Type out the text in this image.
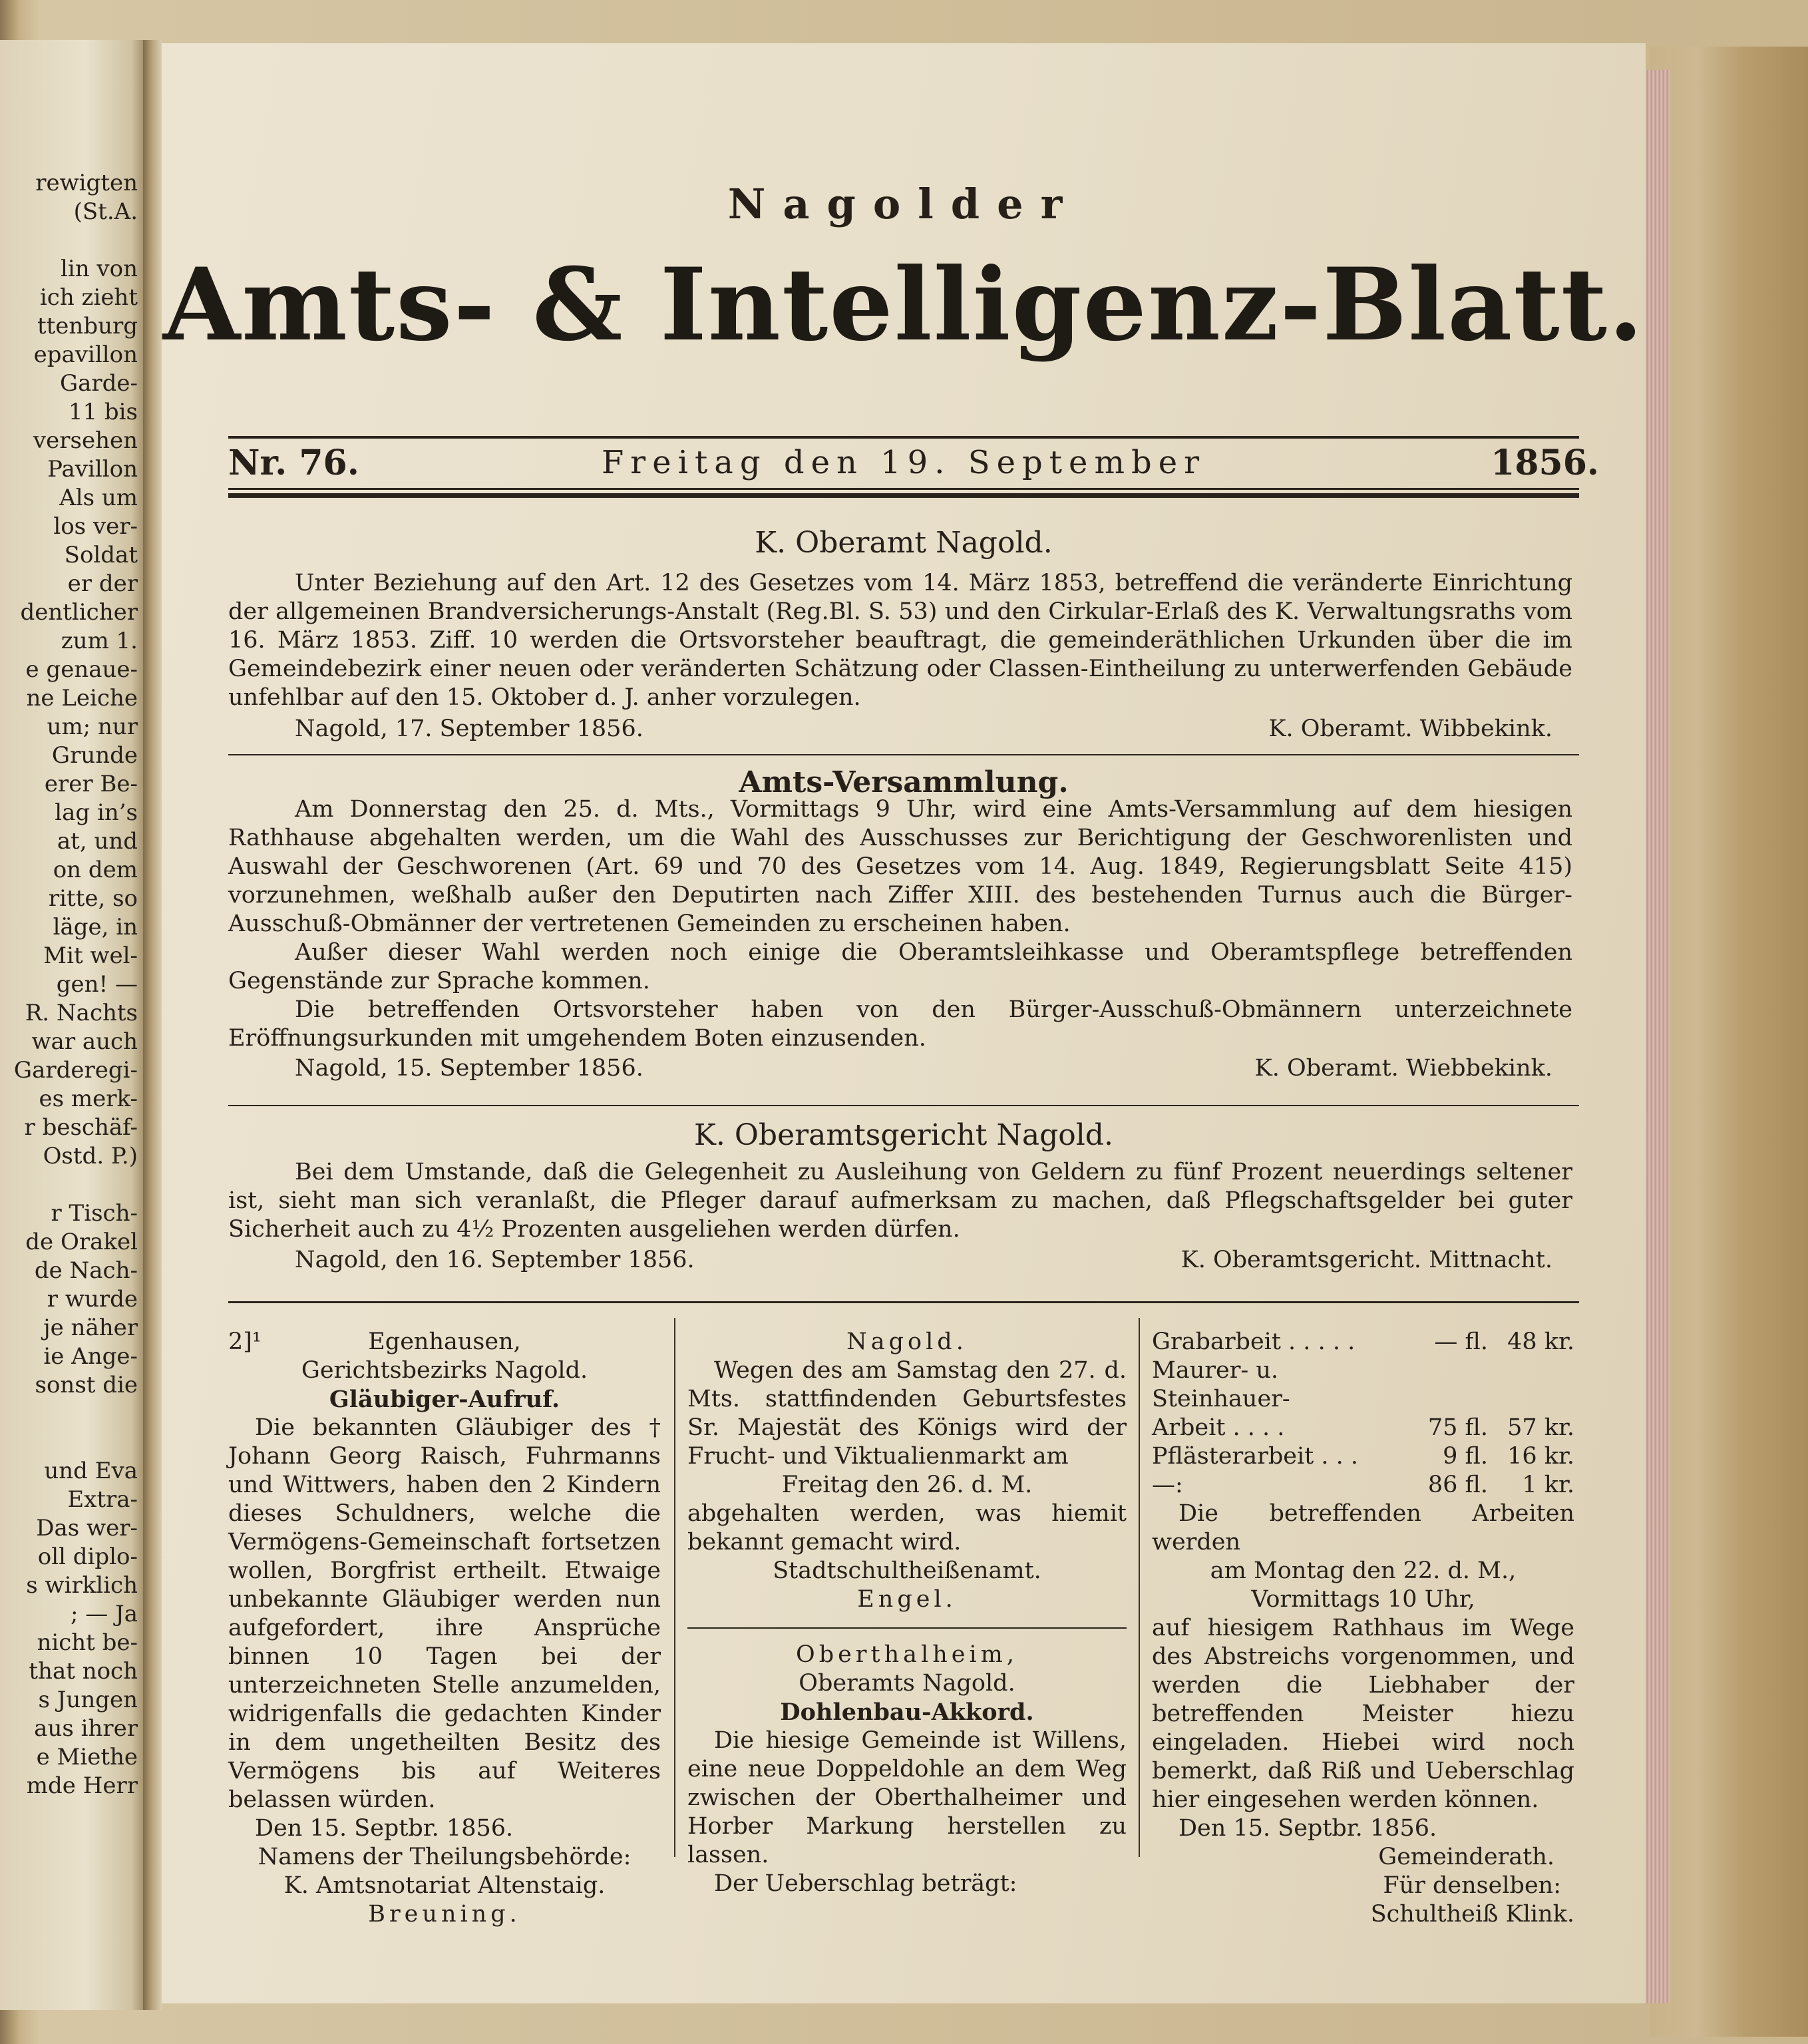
rewigten
(St.A.
lin von
ich zieht
ttenburg
epavillon
Garde-
11 bis
versehen
Pavillon
Als um
los ver-
Soldat
er der
dentlicher
zum 1.
e genaue-
ne Leiche
um; nur
Grunde
erer Be-
lag in’s
at, und
on dem
ritte, so
läge, in
Mit wel-
gen! —
R. Nachts
war auch
Garderegi-
es merk-
r beschäf-
Ostd. P.)
r Tisch-
de Orakel
de Nach-
r wurde
je näher
ie Ange-
sonst die
und Eva
Extra-
Das wer-
oll diplo-
s wirklich
; — Ja
nicht be-
that noch
s Jungen
aus ihrer
e Miethe
mde Herr
Nagolder
Amts- & Intelligenz-Blatt.
Nr. 76.	Freitag den 19. September	1856.
K. Oberamt Nagold.

Unter Beziehung auf den Art. 12 des Gesetzes vom 14. März 1853, betreffend die veränderte Einrichtung der allgemeinen Brandversicherungs-Anstalt (Reg.Bl. S. 53) und den Cirkular-Erlaß des K. Verwaltungsraths vom 16. März 1853. Ziff. 10 werden die Ortsvorsteher beauftragt, die gemeinderäthlichen Urkunden über die im Gemeindebezirk einer neuen oder veränderten Schätzung oder Classen-Eintheilung zu unterwerfenden Gebäude unfehlbar auf den 15. Oktober d. J. anher vorzulegen.

Nagold, 17. September 1856.	K. Oberamt. Wibbekink.
Amts-Versammlung.

Am Donnerstag den 25. d. Mts., Vormittags 9 Uhr, wird eine Amts-Versammlung auf dem hiesigen Rathhause abgehalten werden, um die Wahl des Ausschusses zur Berichtigung der Geschworenlisten und Auswahl der Geschworenen (Art. 69 und 70 des Gesetzes vom 14. Aug. 1849, Regierungsblatt Seite 415) vorzunehmen, weßhalb außer den Deputirten nach Ziffer XIII. des bestehenden Turnus auch die Bürger-Ausschuß-Obmänner der vertretenen Gemeinden zu erscheinen haben.

Außer dieser Wahl werden noch einige die Oberamtsleihkasse und Oberamtspflege betreffenden Gegenstände zur Sprache kommen.

Die betreffenden Ortsvorsteher haben von den Bürger-Ausschuß-Obmännern unterzeichnete Eröffnungsurkunden mit umgehendem Boten einzusenden.

Nagold, 15. September 1856.	K. Oberamt. Wiebbekink.
K. Oberamtsgericht Nagold.

Bei dem Umstande, daß die Gelegenheit zu Ausleihung von Geldern zu fünf Prozent neuerdings seltener ist, sieht man sich veranlaßt, die Pfleger darauf aufmerksam zu machen, daß Pflegschaftsgelder bei guter Sicherheit auch zu 4½ Prozenten ausgeliehen werden dürfen.

Nagold, den 16. September 1856.	K. Oberamtsgericht. Mittnacht.
2]¹	Egenhausen,
Gerichtsbezirks Nagold.
Gläubiger-Aufruf.
Die bekannten Gläubiger des † Johann Georg Raisch, Fuhrmanns und Wittwers, haben den 2 Kindern dieses Schuldners, welche die Vermögens-Gemeinschaft fortsetzen wollen, Borgfrist ertheilt. Etwaige unbekannte Gläubiger werden nun aufgefordert, ihre Ansprüche binnen 10 Tagen bei der unterzeichneten Stelle anzumelden, widrigenfalls die gedachten Kinder in dem ungetheilten Besitz des Vermögens bis auf Weiteres belassen würden.
Den 15. Septbr. 1856.
Namens der Theilungsbehörde:
K. Amtsnotariat Altenstaig.
Breuning.
Nagold.
Wegen des am Samstag den 27. d. Mts. stattfindenden Geburtsfestes Sr. Majestät des Königs wird der Frucht- und Viktualienmarkt am
Freitag den 26. d. M.
abgehalten werden, was hiemit bekannt gemacht wird.
Stadtschultheißenamt.
Engel.
Oberthalheim,
Oberamts Nagold.
Dohlenbau-Akkord.
Die hiesige Gemeinde ist Willens, eine neue Doppeldohle an dem Weg zwischen der Oberthalheimer und Horber Markung herstellen zu lassen.
Der Ueberschlag beträgt:
Grabarbeit . . . . .	— fl.	48 kr.
Maurer- u. Steinhauer-		
Arbeit . . . .	75 fl.	57 kr.
Pflästerarbeit . . .	9 fl.	16 kr.
—:	86 fl.	1 kr.
Die betreffenden Arbeiten werden
am Montag den 22. d. M.,
Vormittags 10 Uhr,
auf hiesigem Rathhaus im Wege des Abstreichs vorgenommen, und werden die Liebhaber der betreffenden Meister hiezu eingeladen. Hiebei wird noch bemerkt, daß Riß und Ueberschlag hier eingesehen werden können.
Den 15. Septbr. 1856.
Gemeinderath.
Für denselben:
Schultheiß Klink.
